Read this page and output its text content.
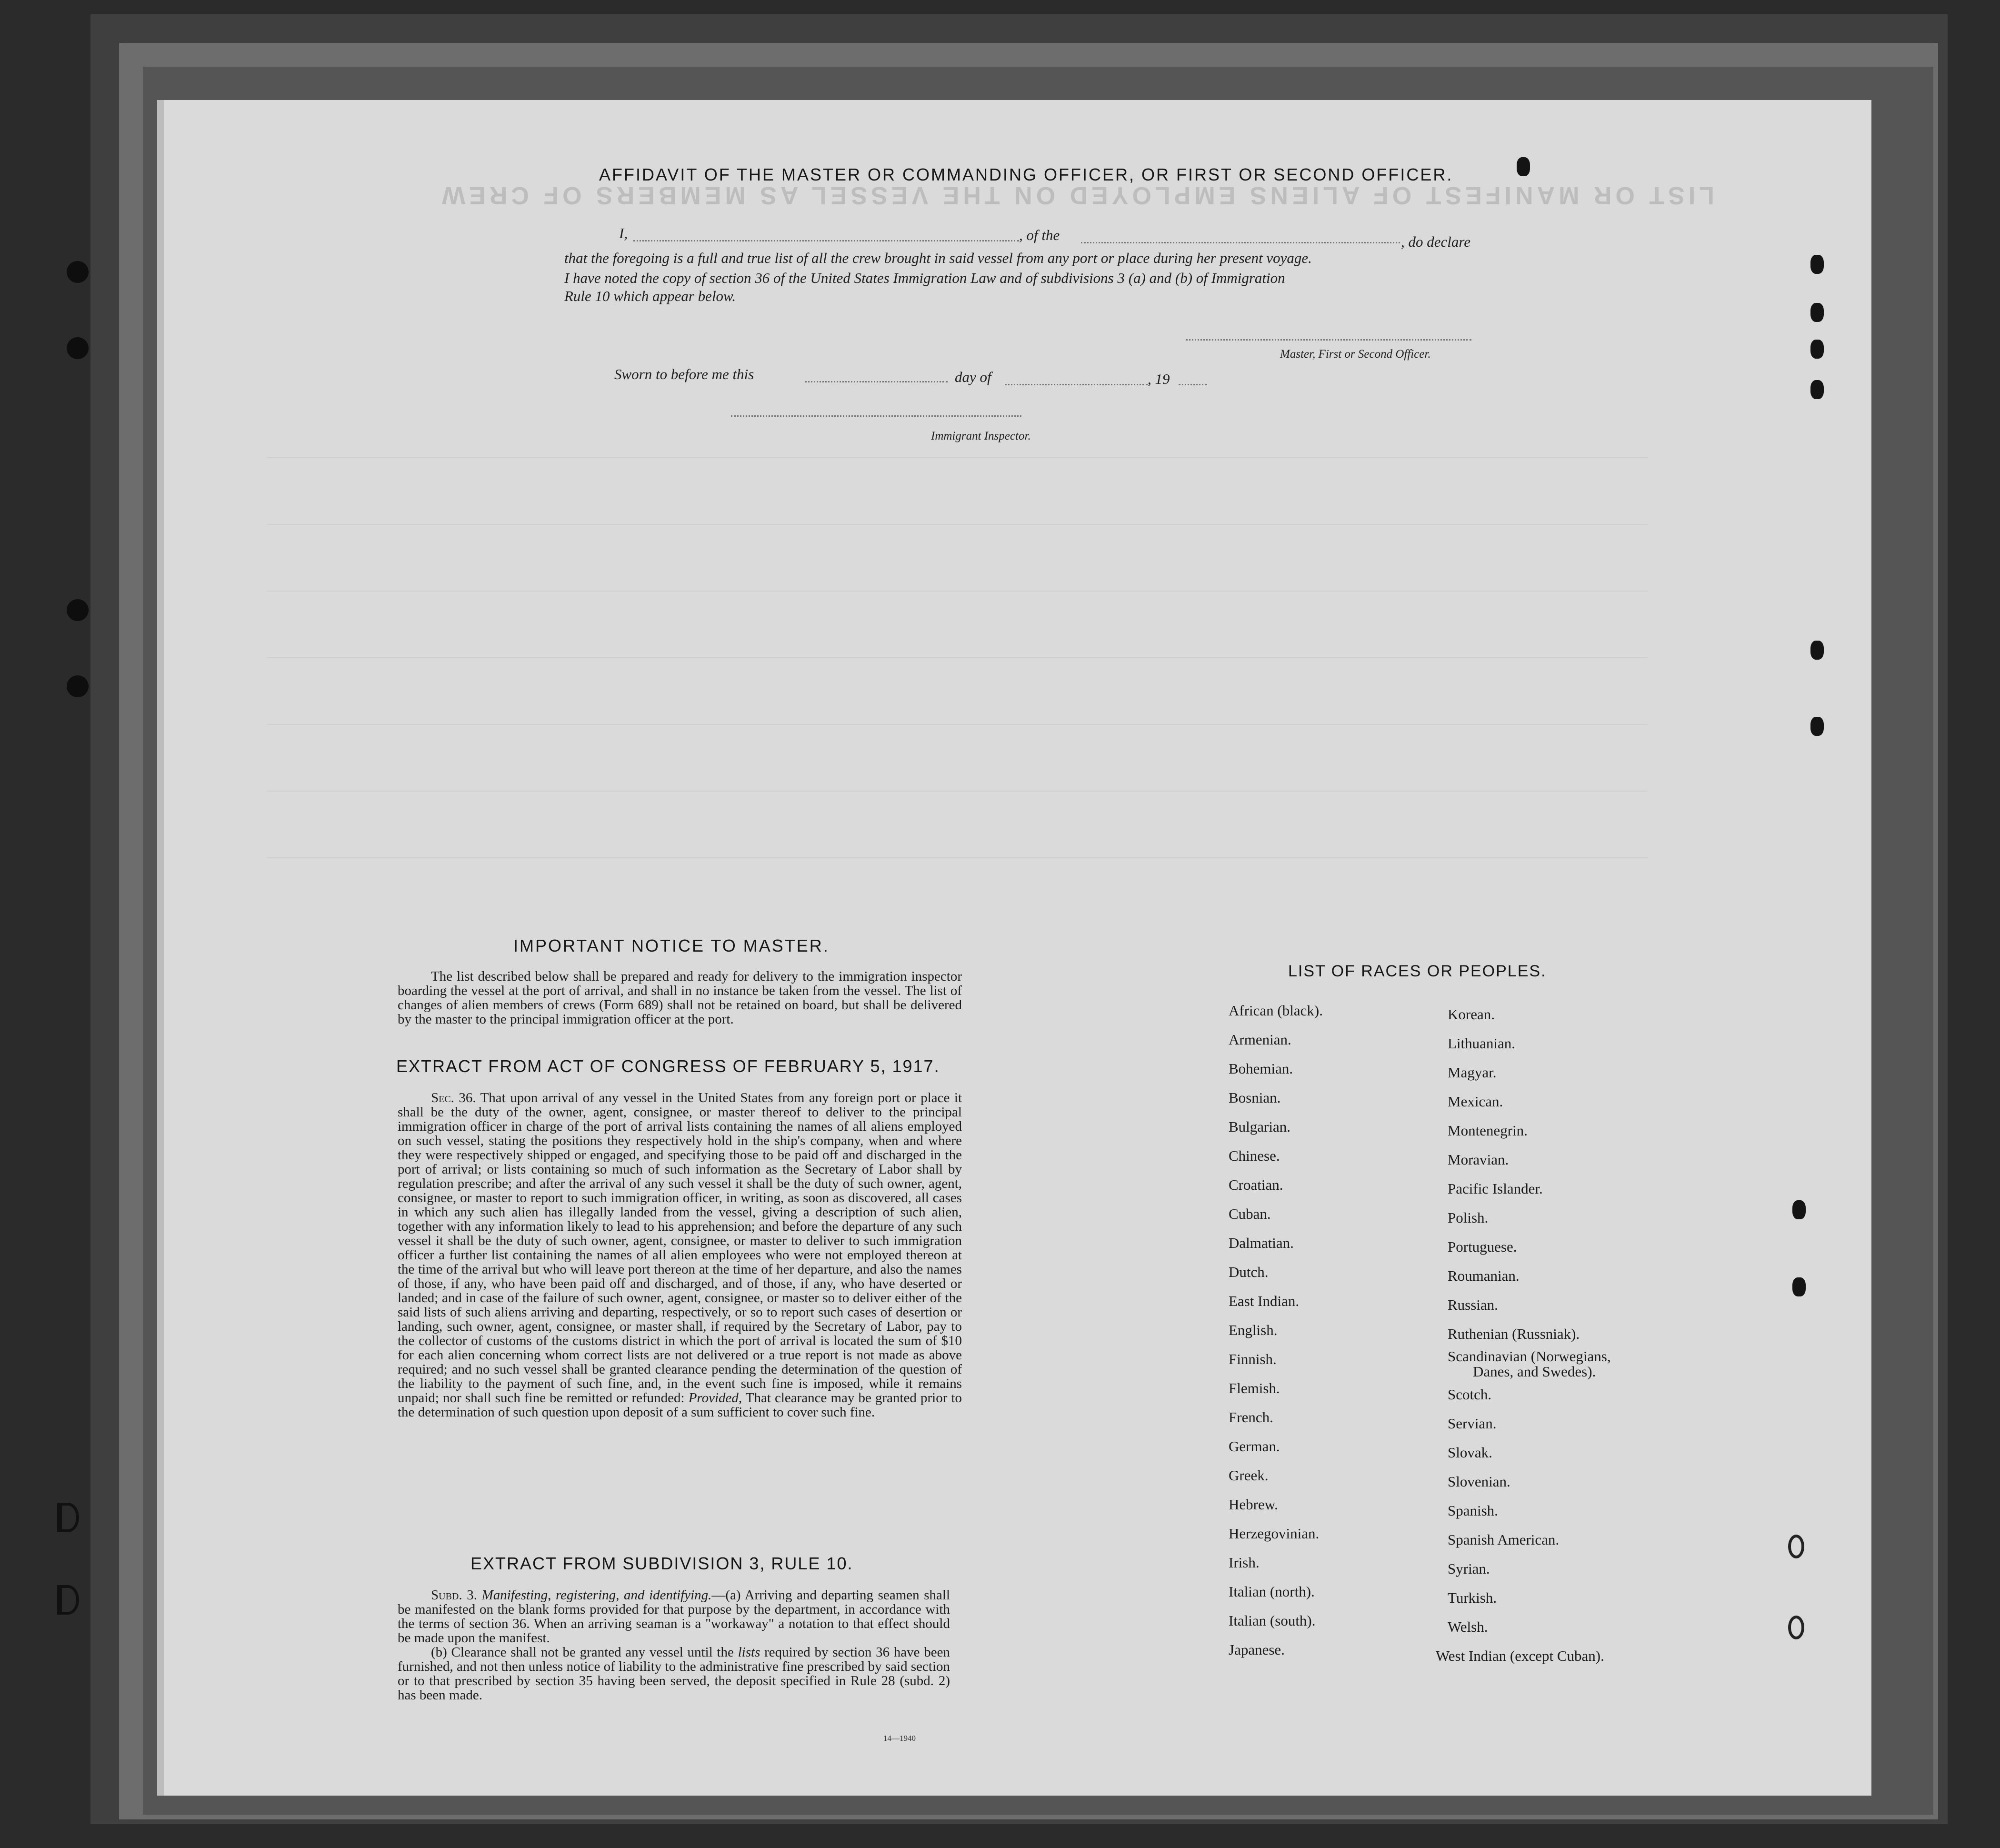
LIST OR MANIFEST OF ALIENS EMPLOYED ON THE VESSEL AS MEMBERS OF CREW
AFFIDAVIT OF THE MASTER OR COMMANDING OFFICER, OR FIRST OR SECOND OFFICER.
I,	, of the	, do declare
that the foregoing is a full and true list of all the crew brought in said vessel from any port or place during her present voyage.
I have noted the copy of section 36 of the United States Immigration Law and of subdivisions 3 (a) and (b) of Immigration
Rule 10 which appear below.
Master, First or Second Officer.
Sworn to before me this	day of	, 19
Immigrant Inspector.
IMPORTANT NOTICE TO MASTER.

The list described below shall be prepared and ready for delivery to the immigration inspector boarding the vessel at the port of arrival, and shall in no instance be taken from the vessel. The list of changes of alien members of crews (Form 689) shall not be retained on board, but shall be delivered by the master to the principal immigration officer at the port.

EXTRACT FROM ACT OF CONGRESS OF FEBRUARY 5, 1917.

Sec. 36. That upon arrival of any vessel in the United States from any foreign port or place it shall be the duty of the owner, agent, consignee, or master thereof to deliver to the principal immigration officer in charge of the port of arrival lists containing the names of all aliens employed on such vessel, stating the positions they respectively hold in the ship's company, when and where they were respectively shipped or engaged, and specifying those to be paid off and discharged in the port of arrival; or lists containing so much of such information as the Secretary of Labor shall by regulation prescribe; and after the arrival of any such vessel it shall be the duty of such owner, agent, consignee, or master to report to such immigration officer, in writing, as soon as discovered, all cases in which any such alien has illegally landed from the vessel, giving a description of such alien, together with any information likely to lead to his apprehension; and before the departure of any such vessel it shall be the duty of such owner, agent, consignee, or master to deliver to such immigration officer a further list containing the names of all alien employees who were not employed thereon at the time of the arrival but who will leave port thereon at the time of her departure, and also the names of those, if any, who have been paid off and discharged, and of those, if any, who have deserted or landed; and in case of the failure of such owner, agent, consignee, or master so to deliver either of the said lists of such aliens arriving and departing, respectively, or so to report such cases of desertion or landing, such owner, agent, consignee, or master shall, if required by the Secretary of Labor, pay to the collector of customs of the customs district in which the port of arrival is located the sum of $10 for each alien concerning whom correct lists are not delivered or a true report is not made as above required; and no such vessel shall be granted clearance pending the determination of the question of the liability to the payment of such fine, and, in the event such fine is imposed, while it remains unpaid; nor shall such fine be remitted or refunded: Provided, That clearance may be granted prior to the determination of such question upon deposit of a sum sufficient to cover such fine.

EXTRACT FROM SUBDIVISION 3, RULE 10.

Subd. 3. Manifesting, registering, and identifying.—(a) Arriving and departing seamen shall be manifested on the blank forms provided for that purpose by the department, in accordance with the terms of section 36. When an arriving seaman is a "workaway" a notation to that effect should be made upon the manifest.

(b) Clearance shall not be granted any vessel until the lists required by section 36 have been furnished, and not then unless notice of liability to the administrative fine prescribed by said section or to that prescribed by section 35 having been served, the deposit specified in Rule 28 (subd. 2) has been made.

14—1940
LIST OF RACES OR PEOPLES.
African (black).
Armenian.
Bohemian.
Bosnian.
Bulgarian.
Chinese.
Croatian.
Cuban.
Dalmatian.
Dutch.
East Indian.
English.
Finnish.
Flemish.
French.
German.
Greek.
Hebrew.
Herzegovinian.
Irish.
Italian (north).
Italian (south).
Japanese.
Korean.
Lithuanian.
Magyar.
Mexican.
Montenegrin.
Moravian.
Pacific Islander.
Polish.
Portuguese.
Roumanian.
Russian.
Ruthenian (Russniak).
Scandinavian (Norwegians,
Danes, and Swedes).
Scotch.
Servian.
Slovak.
Slovenian.
Spanish.
Spanish American.
Syrian.
Turkish.
Welsh.
West Indian (except Cuban).
